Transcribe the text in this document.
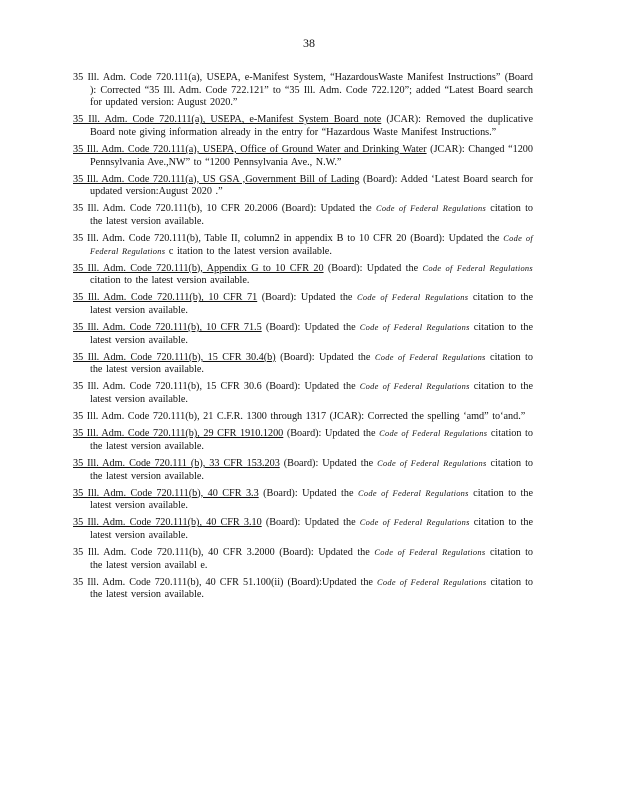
38

35 Ill. Adm. Code 720.111(a), USEPA, e-Manifest System, “HazardousWaste Manifest Instructions” (Board ): Corrected “35 Ill. Adm. Code 722.121” to “35 Ill. Adm. Code 722.120”; added “Latest Board search for updated version: August 2020.”

35 Ill. Adm. Code 720.111(a), USEPA, e-Manifest System Board note (JCAR): Removed the duplicative Board note giving information already in the entry for “Hazardous Waste Manifest Instructions.”

35 Ill. Adm. Code 720.111(a), USEPA, Office of Ground Water and Drinking Water (JCAR): Changed “1200 Pennsylvania Ave.,NW” to “1200 Pennsylvania Ave., N.W.”

35 Ill. Adm. Code 720.111(a), US GSA ,Government Bill of Lading (Board): Added ‘Latest Board search for updated version:August 2020 .”

35 Ill. Adm. Code 720.111(b), 10 CFR 20.2006 (Board): Updated the Code of Federal Regulations citation to the latest version available.

35 Ill. Adm. Code 720.111(b), Table II, column2 in appendix B to 10 CFR 20 (Board): Updated the Code of Federal Regulations c itation to the latest version available.

35 Ill. Adm. Code 720.111(b), Appendix G to 10 CFR 20 (Board): Updated the Code of Federal Regulations citation to the latest version available.

35 Ill. Adm. Code 720.111(b), 10 CFR 71 (Board): Updated the Code of Federal Regulations citation to the latest version available.

35 Ill. Adm. Code 720.111(b), 10 CFR 71.5 (Board): Updated the Code of Federal Regulations citation to the latest version available.

35 Ill. Adm. Code 720.111(b), 15 CFR 30.4(b) (Board): Updated the Code of Federal Regulations citation to the latest version available.

35 Ill. Adm. Code 720.111(b), 15 CFR 30.6 (Board): Updated the Code of Federal Regulations citation to the latest version available.

35 Ill. Adm. Code 720.111(b), 21 C.F.R. 1300 through 1317 (JCAR): Corrected the spelling ‘amd” to‘and.”

35 Ill. Adm. Code 720.111(b), 29 CFR 1910.1200 (Board): Updated the Code of Federal Regulations citation to the latest version available.

35 Ill. Adm. Code 720.111 (b), 33 CFR 153.203 (Board): Updated the Code of Federal Regulations citation to the latest version available.

35 Ill. Adm. Code 720.111(b), 40 CFR 3.3 (Board): Updated the Code of Federal Regulations citation to the latest version available.

35 Ill. Adm. Code 720.111(b), 40 CFR 3.10 (Board): Updated the Code of Federal Regulations citation to the latest version available.

35 Ill. Adm. Code 720.111(b), 40 CFR 3.2000 (Board): Updated the Code of Federal Regulations citation to the latest version availabl e.

35 Ill. Adm. Code 720.111(b), 40 CFR 51.100(ii) (Board):Updated the Code of Federal Regulations citation to the latest version available.
